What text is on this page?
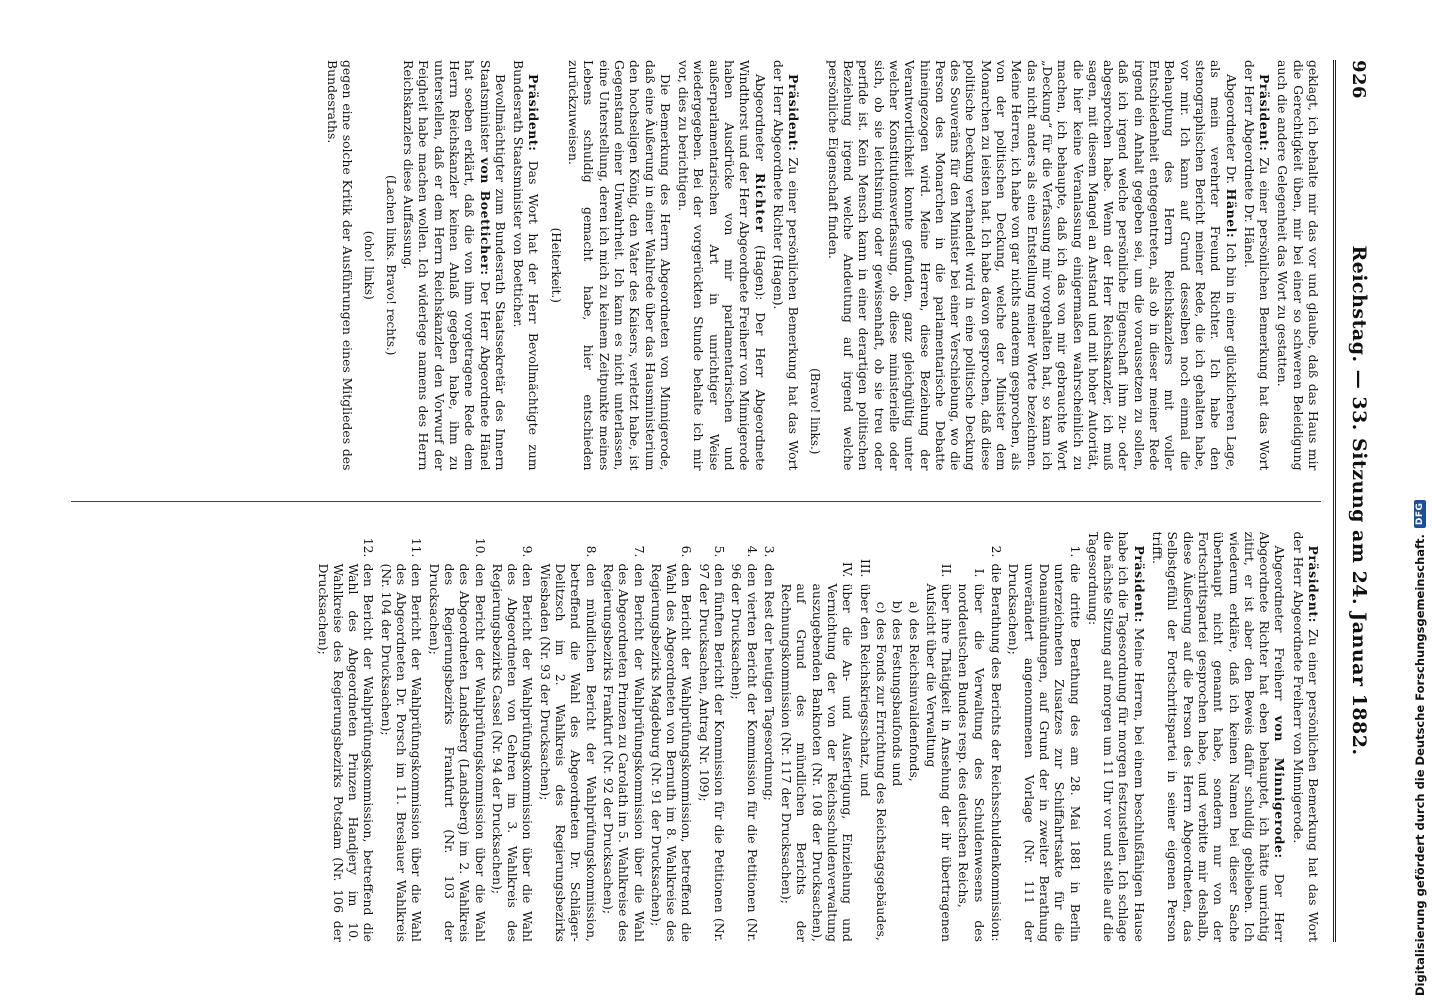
926
Reichstag. — 33. Sitzung am 24. Januar 1882.

geklagt, ich behalte mir das vor und glaube, daß das Haus mir die Gerechtigkeit üben, mir bei einer so schweren Beleidigung auch die andere Gelegenheit das Wort zu gestatten.

Präsident: Zu einer persönlichen Bemerkung hat das Wort der Herr Abgeordnete Dr. Hänel.

Abgeordneter Dr. Hänel: Ich bin in einer glücklicheren Lage, als mein verehrter Freund Richter. Ich habe den stenographischen Bericht meiner Rede, die ich gehalten habe, vor mir. Ich kann auf Grund desselben noch einmal die Behauptung des Herrn Reichskanzlers mit voller Entschiedenheit entgegentreten, als ob in dieser meiner Rede irgend ein Anhalt gegeben sei, um die voraussetzen zu sollen, daß ich irgend welche persönliche Eigenschaft ihm zu- oder abgesprochen habe. Wenn der Herr Reichskanzler, ich muß sagen, mit diesem Mangel an Anstand und mit hoher Autorität, die hier keine Veranlassung einigermaßen wahrscheinlich zu machen, ich behaupte, daß ich das von mir gebrauchte Wort „Deckung“ für die Verfassung mir vorgehalten hat, so kann ich das nicht anders als eine Entstellung meiner Worte bezeichnen. Meine Herren, ich habe von gar nichts anderem gesprochen, als von der politischen Deckung, welche der Minister dem Monarchen zu leisten hat. Ich habe davon gesprochen, daß diese politische Deckung verhandelt wird in eine politische Deckung des Souveräns für den Minister bei einer Verschiebung, wo die Person des Monarchen in die parlamentarische Debatte hineingezogen wird. Meine Herren, diese Beziehung der Verantwortlichkeit konnte gefunden, ganz gleichgültig unter welcher Konstitutionsverfassung, ob diese ministerielle oder sich, ob sie leichtsinnig oder gewissenhaft, ob sie treu oder perfide ist. Kein Mensch kann in einer derartigen politischen Beziehung irgend welche Andeutung auf irgend welche persönliche Eigenschaft finden.

(Bravo! links.)

Präsident: Zu einer persönlichen Bemerkung hat das Wort der Herr Abgeordnete Richter (Hagen).

Abgeordneter Richter (Hagen): Der Herr Abgeordnete Windthorst und der Herr Abgeordnete Freiherr von Minnigerode haben Ausdrücke von mir parlamentarischen und außerparlamentarischen Art in unrichtiger Weise wiedergegeben. Bei der vorgerückten Stunde behalte ich mir vor, dies zu berichtigen.

Die Bemerkung des Herrn Abgeordneten von Minnigerode, daß eine Äußerung in einer Wahlrede über das Hausministerium den hochseligen König, den Vater des Kaisers, verletzt habe, ist Gegenstand einer Unwahrheit. Ich kann es nicht unterlassen, eine Unterstellung, deren ich mich zu keinem Zeitpunkte meines Lebens schuldig gemacht habe, hier entschieden zurückzuweisen.

(Heiterkeit.)

Präsident: Das Wort hat der Herr Bevollmächtigte zum Bundesrath Staatsminister von Boetticher.

Bevollmächtigter zum Bundesrath Staatssekretär des Innern Staatsminister von Boetticher: Der Herr Abgeordnete Hänel hat soeben erklärt, daß die von ihm vorgetragene Rede dem Herrn Reichskanzler keinen Anlaß gegeben habe, ihm zu unterstellen, daß er dem Herrn Reichskanzler den Vorwurf der Feigheit habe machen wollen. Ich widerlege namens des Herrn Reichskanzlers diese Auffassung.

(Lachen links. Bravo! rechts.)
(oho! links)

gegen eine solche Kritik der Ausführungen eines Mitgliedes des Bundesraths.

Präsident: Zu einer persönlichen Bemerkung hat das Wort der Herr Abgeordnete Freiherr von Minnigerode.

Abgeordneter Freiherr von Minnigerode: Der Herr Abgeordnete Richter hat eben behauptet, ich hätte unrichtig zitirt, er ist aber den Beweis dafür schuldig geblieben. Ich wiederum erkläre, daß ich keinen Namen bei dieser Sache überhaupt nicht genannt habe, sondern nur von der Fortschrittspartei gesprochen habe, und verbitte mir deshalb, diese Äußerung auf die Person des Herrn Abgeordneten, das Selbstgefühl der Fortschrittspartei in seiner eigenen Person trifft.

Präsident: Meine Herren, bei einem beschlußfähigen Hause habe ich die Tagesordnung für morgen festzustellen. Ich schlage die nächste Sitzung auf morgen um 11 Uhr vor und stelle auf die Tagesordnung:

1.
die dritte Berathung des am 28. Mai 1881 in Berlin unterzeichneten Zusatzes zur Schiffahrtsakte für die Donaumündungen, auf Grund der in zweiter Berathung unverändert angenommenen Vorlage (Nr. 111 der Drucksachen);
2.
die Berathung des Berichts der Reichsschuldenkommission:
I.
über die Verwaltung des Schuldenwesens des norddeutschen Bundes resp. des deutschen Reichs,
II.
über ihre Thätigkeit in Ansehung der ihr übertragenen Aufsicht über die Verwaltung
a)
des Reichsinvalidenfonds,
b)
des Festungsbaufonds und
c)
des Fonds zur Errichtung des Reichstagsgebäudes,
III.
über den Reichskriegsschatz, und
IV.
über die An- und Ausfertigung, Einziehung und Vernichtung der von der Reichsschuldenverwaltung auszugebenden Banknoten (Nr. 108 der Drucksachen), auf Grund des mündlichen Berichts der Rechnungskommission (Nr. 117 der Drucksachen);
3.
den Rest der heutigen Tagesordnung;
4.
den vierten Bericht der Kommission für die Petitionen (Nr. 96 der Drucksachen);
5.
den fünften Bericht der Kommission für die Petitionen (Nr. 97 der Drucksachen, Antrag Nr. 109);
6.
den Bericht der Wahlprüfungskommission, betreffend die Wahl des Abgeordneten von Bernuth im 8. Wahlkreise des Regierungsbezirks Magdeburg (Nr. 91 der Drucksachen);
7.
den Bericht der Wahlprüfungskommission über die Wahl des Abgeordneten Prinzen zu Carolath im 5. Wahlkreise des Regierungsbezirks Frankfurt (Nr. 92 der Drucksachen);
8.
den mündlichen Bericht der Wahlprüfungskommission, betreffend die Wahl des Abgeordneten Dr. Schläger-Delitzsch im 2. Wahlkreis des Regierungsbezirks Wiesbaden (Nr. 93 der Drucksachen);
9.
den Bericht der Wahlprüfungskommission über die Wahl des Abgeordneten von Gehren im 3. Wahlkreis des Regierungsbezirks Cassel (Nr. 94 der Drucksachen);
10.
den Bericht der Wahlprüfungskommission über die Wahl des Abgeordneten Landsberg (Landsberg) im 2. Wahlkreis des Regierungsbezirks Frankfurt (Nr. 103 der Drucksachen);
11.
den Bericht der Wahlprüfungskommission über die Wahl des Abgeordneten Dr. Porsch im 11. Breslauer Wahlkreis (Nr. 104 der Drucksachen);
12.
den Bericht der Wahlprüfungskommission, betreffend die Wahl des Abgeordneten Prinzen Handjery im 10. Wahlkreise des Regierungsbezirks Potsdam (Nr. 106 der Drucksachen);	Digitalisierung gefördert durch die Deutsche Forschungsgemeinschaft.
DFG
